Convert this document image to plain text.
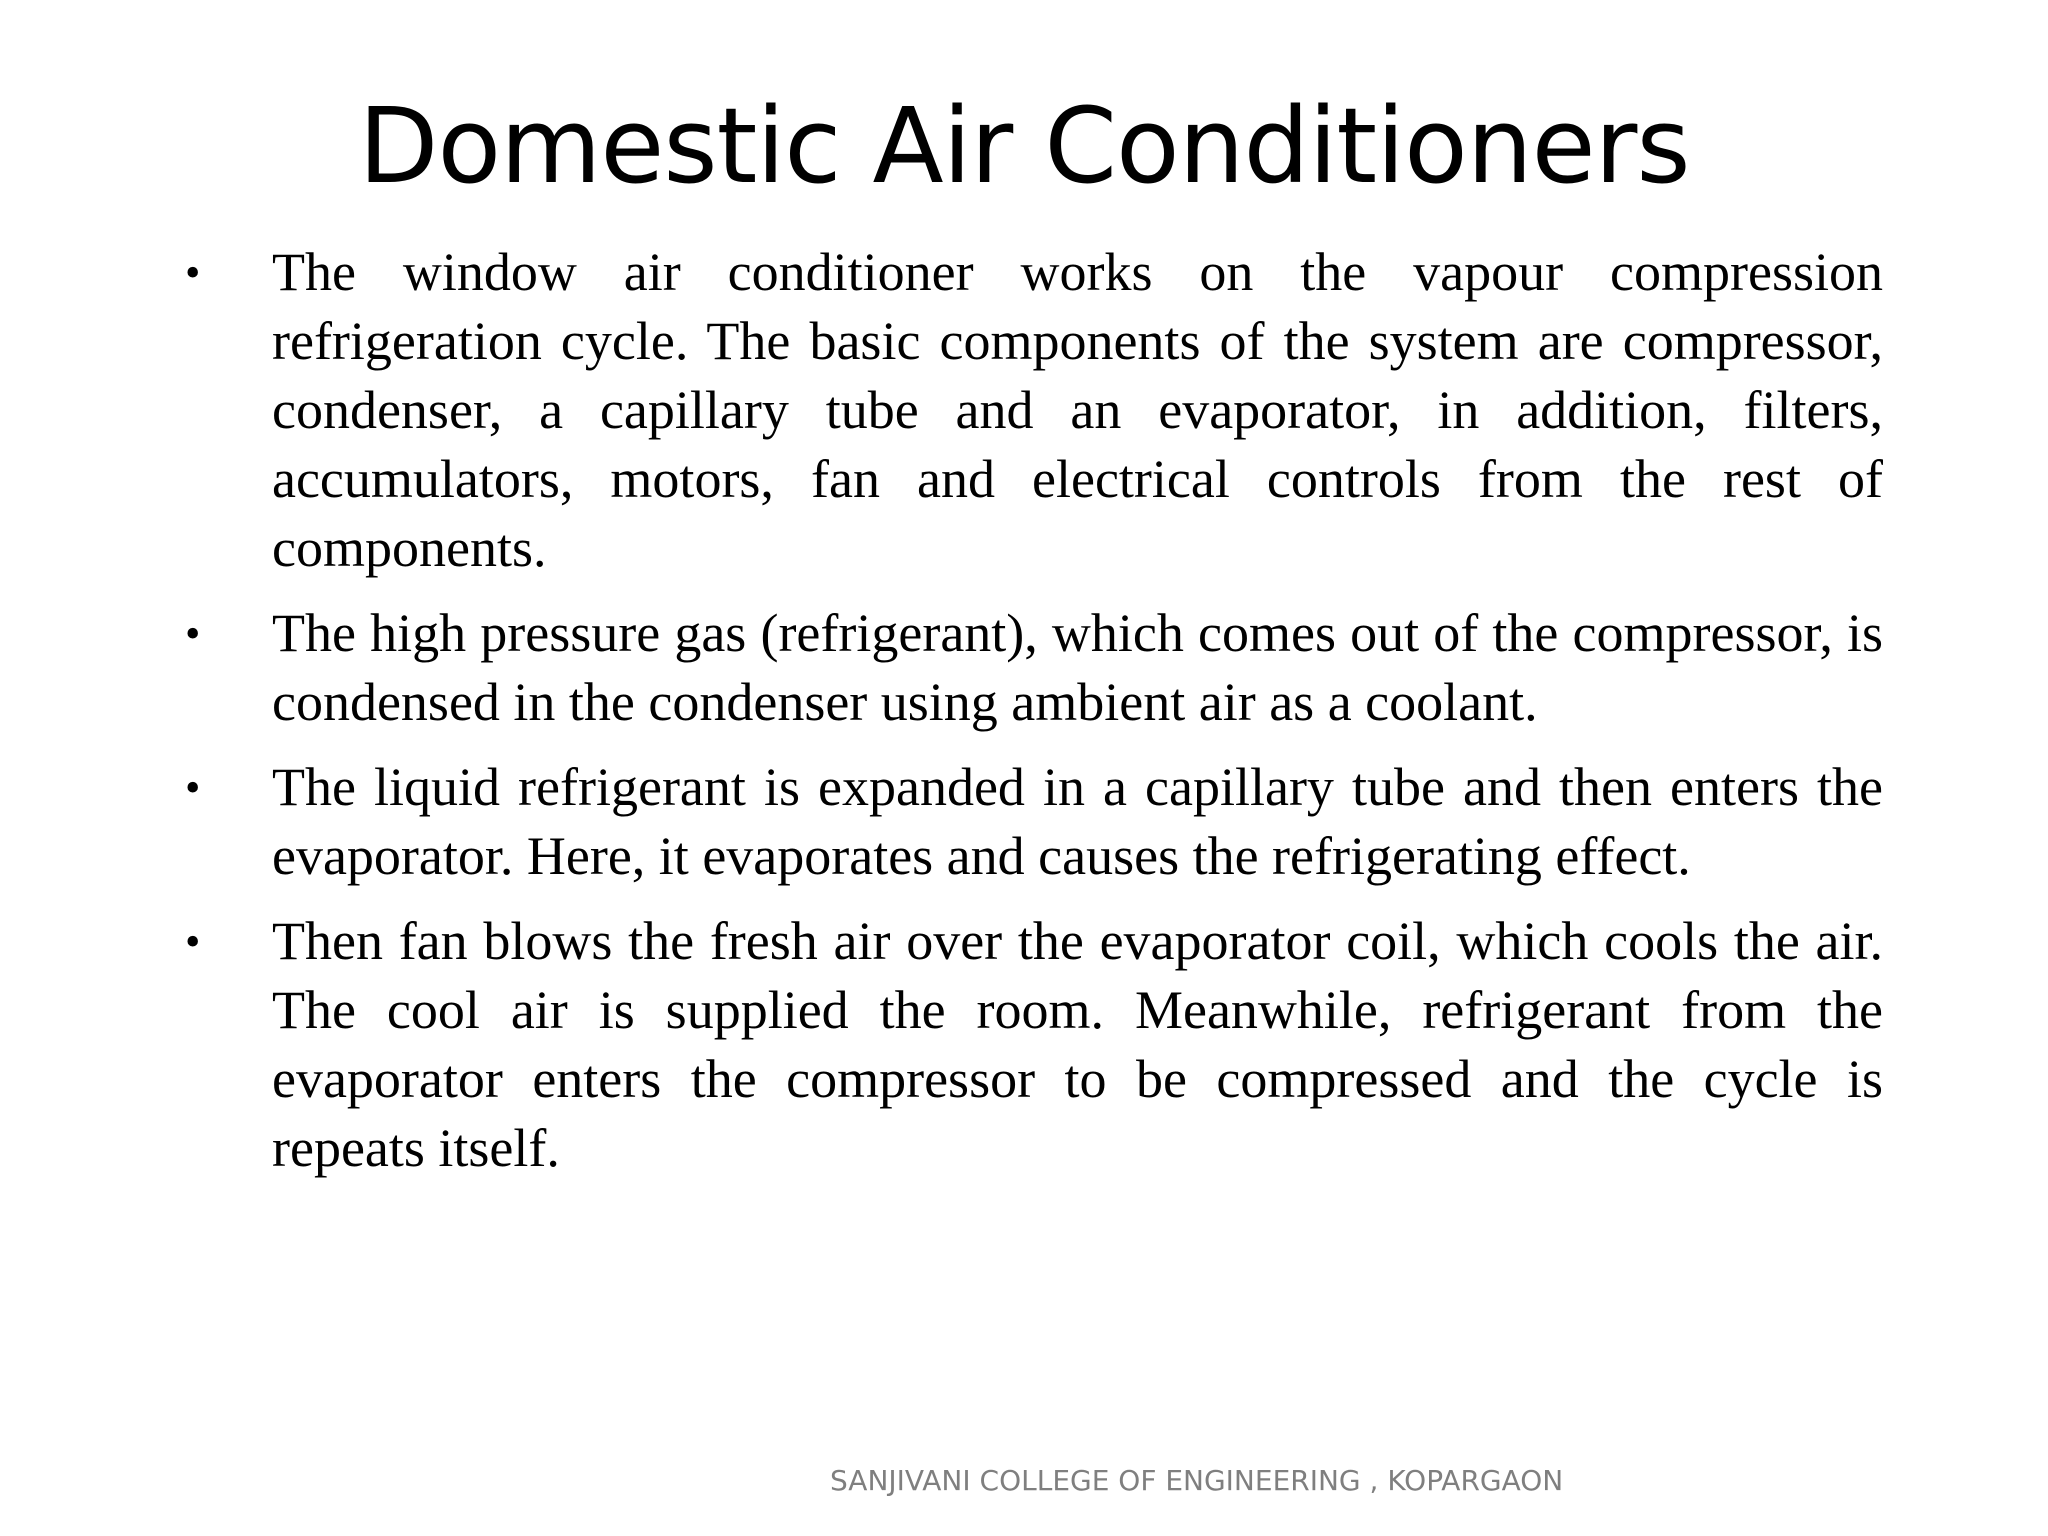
Domestic Air Conditioners
• The window air conditioner works on the vapour compression refrigeration cycle. The basic components of the system are compressor, condenser, a capillary tube and an evaporator, in addition, filters, accumulators, motors, fan and electrical controls from the rest of components.
• The high pressure gas (refrigerant), which comes out of the compressor, is condensed in the condenser using ambient air as a coolant.
• The liquid refrigerant is expanded in a capillary tube and then enters the evaporator. Here, it evaporates and causes the refrigerating effect.
• Then fan blows the fresh air over the evaporator coil, which cools the air. The cool air is supplied the room. Meanwhile, refrigerant from the evaporator enters the compressor to be compressed and the cycle is repeats itself.
SANJIVANI COLLEGE OF ENGINEERING , KOPARGAON
